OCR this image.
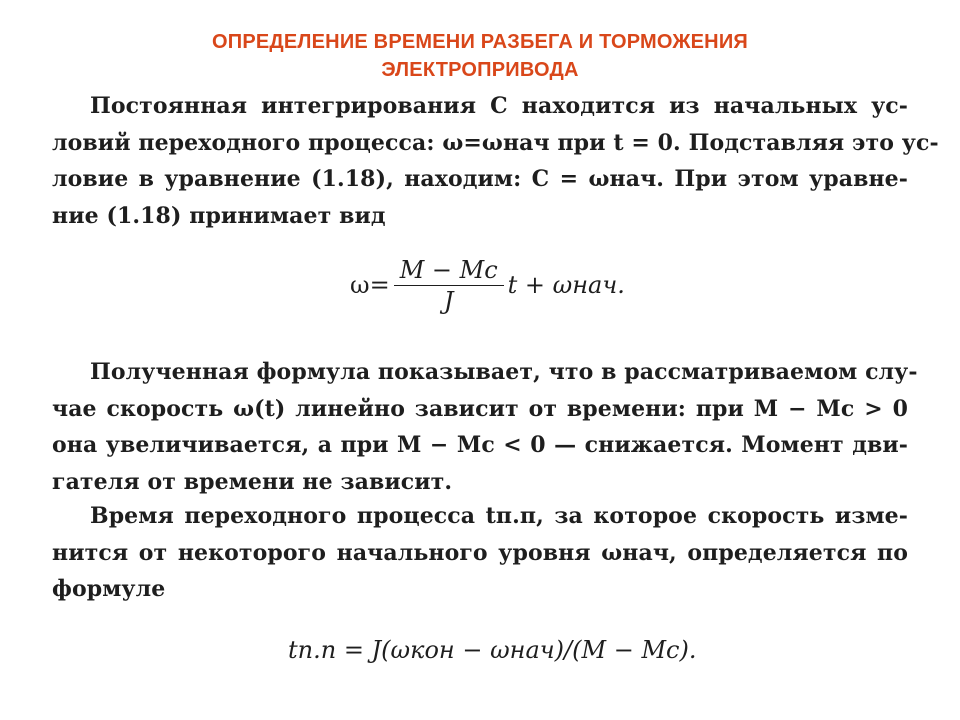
ОПРЕДЕЛЕНИЕ ВРЕМЕНИ РАЗБЕГА И ТОРМОЖЕНИЯ
ЭЛЕКТРОПРИВОДА
Постоянная интегрирования C находится из начальных ус-
ловий переходного процесса: ω=ωнач при t = 0. Подставляя это ус-
ловие в уравнение (1.18), находим: C = ωнач. При этом уравне-
ние (1.18) принимает вид
$\omega= \frac{M - Mc}{J}$ t + ωнач.
Полученная формула показывает, что в рассматриваемом слу-
чае скорость ω(t) линейно зависит от времени: при M − Mc > 0
она увеличивается, а при M − Mc < 0 — снижается. Момент дви-
гателя от времени не зависит.
Время переходного процесса tп.п, за которое скорость изме-
нится от некоторого начального уровня ωнач, определяется по
формуле
tп.п = J(ωкон − ωнач)/(M − Mc).
